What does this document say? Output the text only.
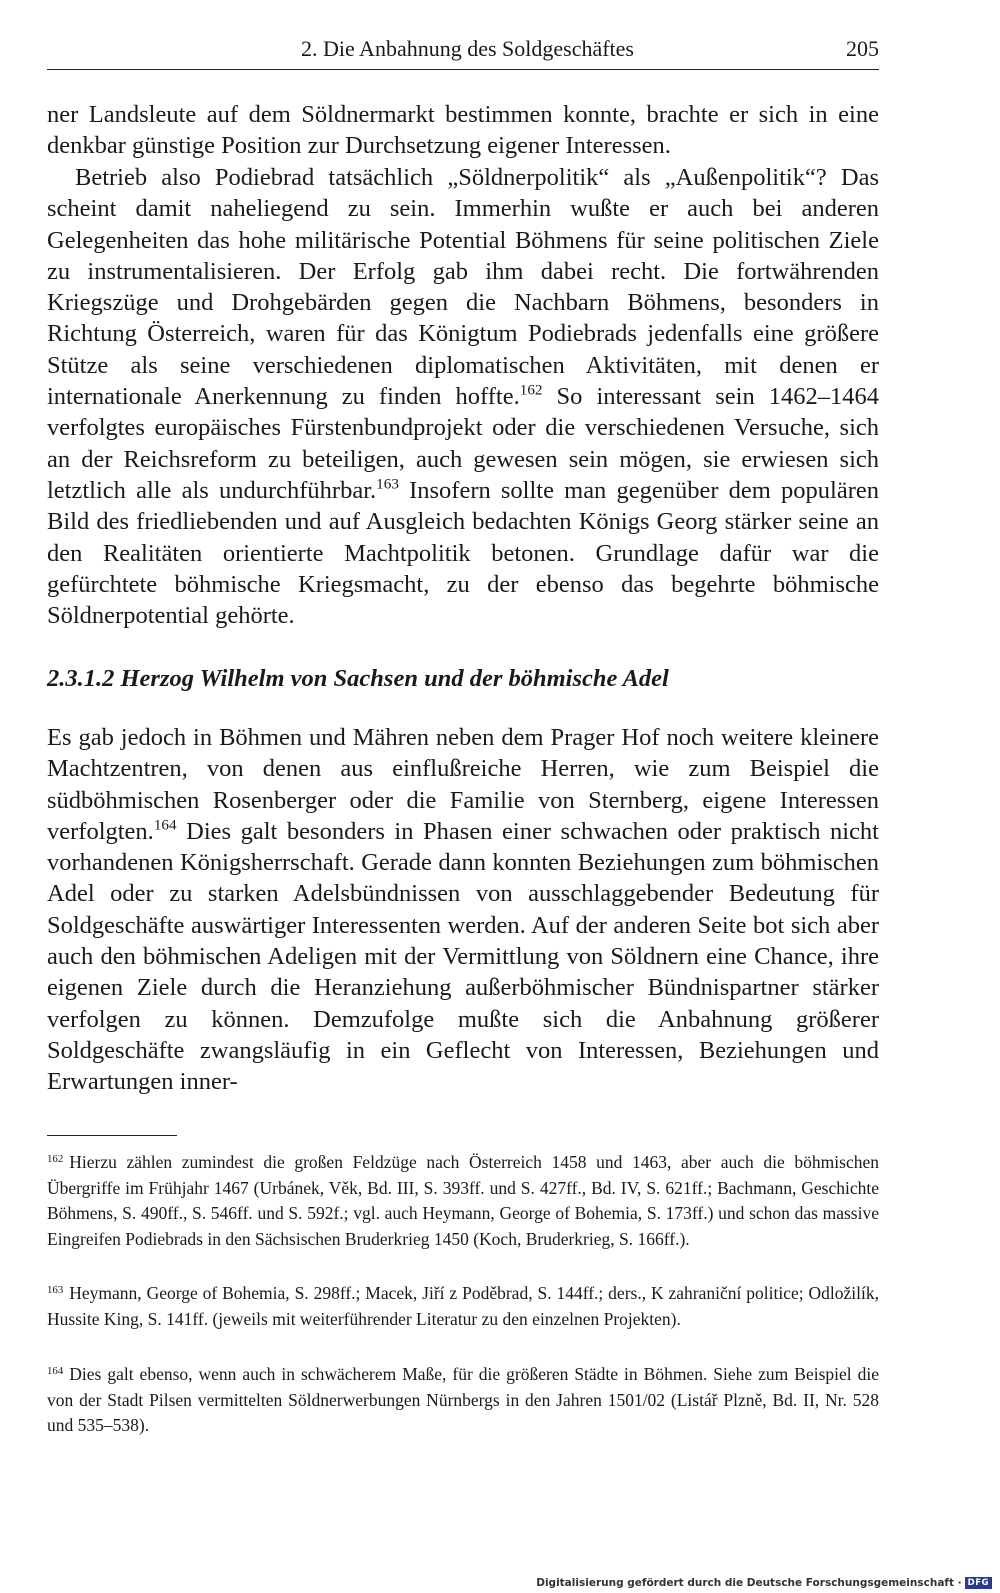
2. Die Anbahnung des Soldgeschäftes	205

ner Landsleute auf dem Söldnermarkt bestimmen konnte, brachte er sich in eine denkbar günstige Position zur Durchsetzung eigener Interessen.

Betrieb also Podiebrad tatsächlich „Söldnerpolitik“ als „Außenpolitik“? Das scheint damit naheliegend zu sein. Immerhin wußte er auch bei anderen Gelegenheiten das hohe militärische Potential Böhmens für seine politischen Ziele zu instrumentalisieren. Der Erfolg gab ihm dabei recht. Die fortwährenden Kriegszüge und Drohgebärden gegen die Nachbarn Böhmens, besonders in Richtung Österreich, waren für das Königtum Podiebrads jedenfalls eine größere Stütze als seine verschiedenen diplomatischen Aktivitäten, mit denen er internationale Anerkennung zu finden hoffte.$^{162}$ So interessant sein 1462–1464 verfolgtes europäisches Fürstenbundprojekt oder die verschiedenen Versuche, sich an der Reichsreform zu beteiligen, auch gewesen sein mögen, sie erwiesen sich letztlich alle als undurchführbar.$^{163}$ Insofern sollte man gegenüber dem populären Bild des friedliebenden und auf Ausgleich bedachten Königs Georg stärker seine an den Realitäten orientierte Machtpolitik betonen. Grundlage dafür war die gefürchtete böhmische Kriegsmacht, zu der ebenso das begehrte böhmische Söldnerpotential gehörte.

2.3.1.2 Herzog Wilhelm von Sachsen und der böhmische Adel

Es gab jedoch in Böhmen und Mähren neben dem Prager Hof noch weitere kleinere Machtzentren, von denen aus einflußreiche Herren, wie zum Beispiel die südböhmischen Rosenberger oder die Familie von Sternberg, eigene Interessen verfolgten.$^{164}$ Dies galt besonders in Phasen einer schwachen oder praktisch nicht vorhandenen Königsherrschaft. Gerade dann konnten Beziehungen zum böhmischen Adel oder zu starken Adelsbündnissen von ausschlaggebender Bedeutung für Soldgeschäfte auswärtiger Interessenten werden. Auf der anderen Seite bot sich aber auch den böhmischen Adeligen mit der Vermittlung von Söldnern eine Chance, ihre eigenen Ziele durch die Heranziehung außerböhmischer Bündnispartner stärker verfolgen zu können. Demzufolge mußte sich die Anbahnung größerer Soldgeschäfte zwangsläufig in ein Geflecht von Interessen, Beziehungen und Erwartungen inner-

$^{162}$ Hierzu zählen zumindest die großen Feldzüge nach Österreich 1458 und 1463, aber auch die böhmischen Übergriffe im Frühjahr 1467 (Urbánek, Věk, Bd. III, S. 393ff. und S. 427ff., Bd. IV, S. 621ff.; Bachmann, Geschichte Böhmens, S. 490ff., S. 546ff. und S. 592f.; vgl. auch Heymann, George of Bohemia, S. 173ff.) und schon das massive Eingreifen Podiebrads in den Sächsischen Bruderkrieg 1450 (Koch, Bruderkrieg, S. 166ff.).

$^{163}$ Heymann, George of Bohemia, S. 298ff.; Macek, Jiří z Poděbrad, S. 144ff.; ders., K zahraniční politice; Odložilík, Hussite King, S. 141ff. (jeweils mit weiterführender Literatur zu den einzelnen Projekten).

$^{164}$ Dies galt ebenso, wenn auch in schwächerem Maße, für die größeren Städte in Böhmen. Siehe zum Beispiel die von der Stadt Pilsen vermittelten Söldnerwerbungen Nürnbergs in den Jahren 1501/02 (Listář Plzně, Bd. II, Nr. 528 und 535–538).

Digitalisierung gefördert durch die Deutsche Forschungsgemeinschaft · DFG
